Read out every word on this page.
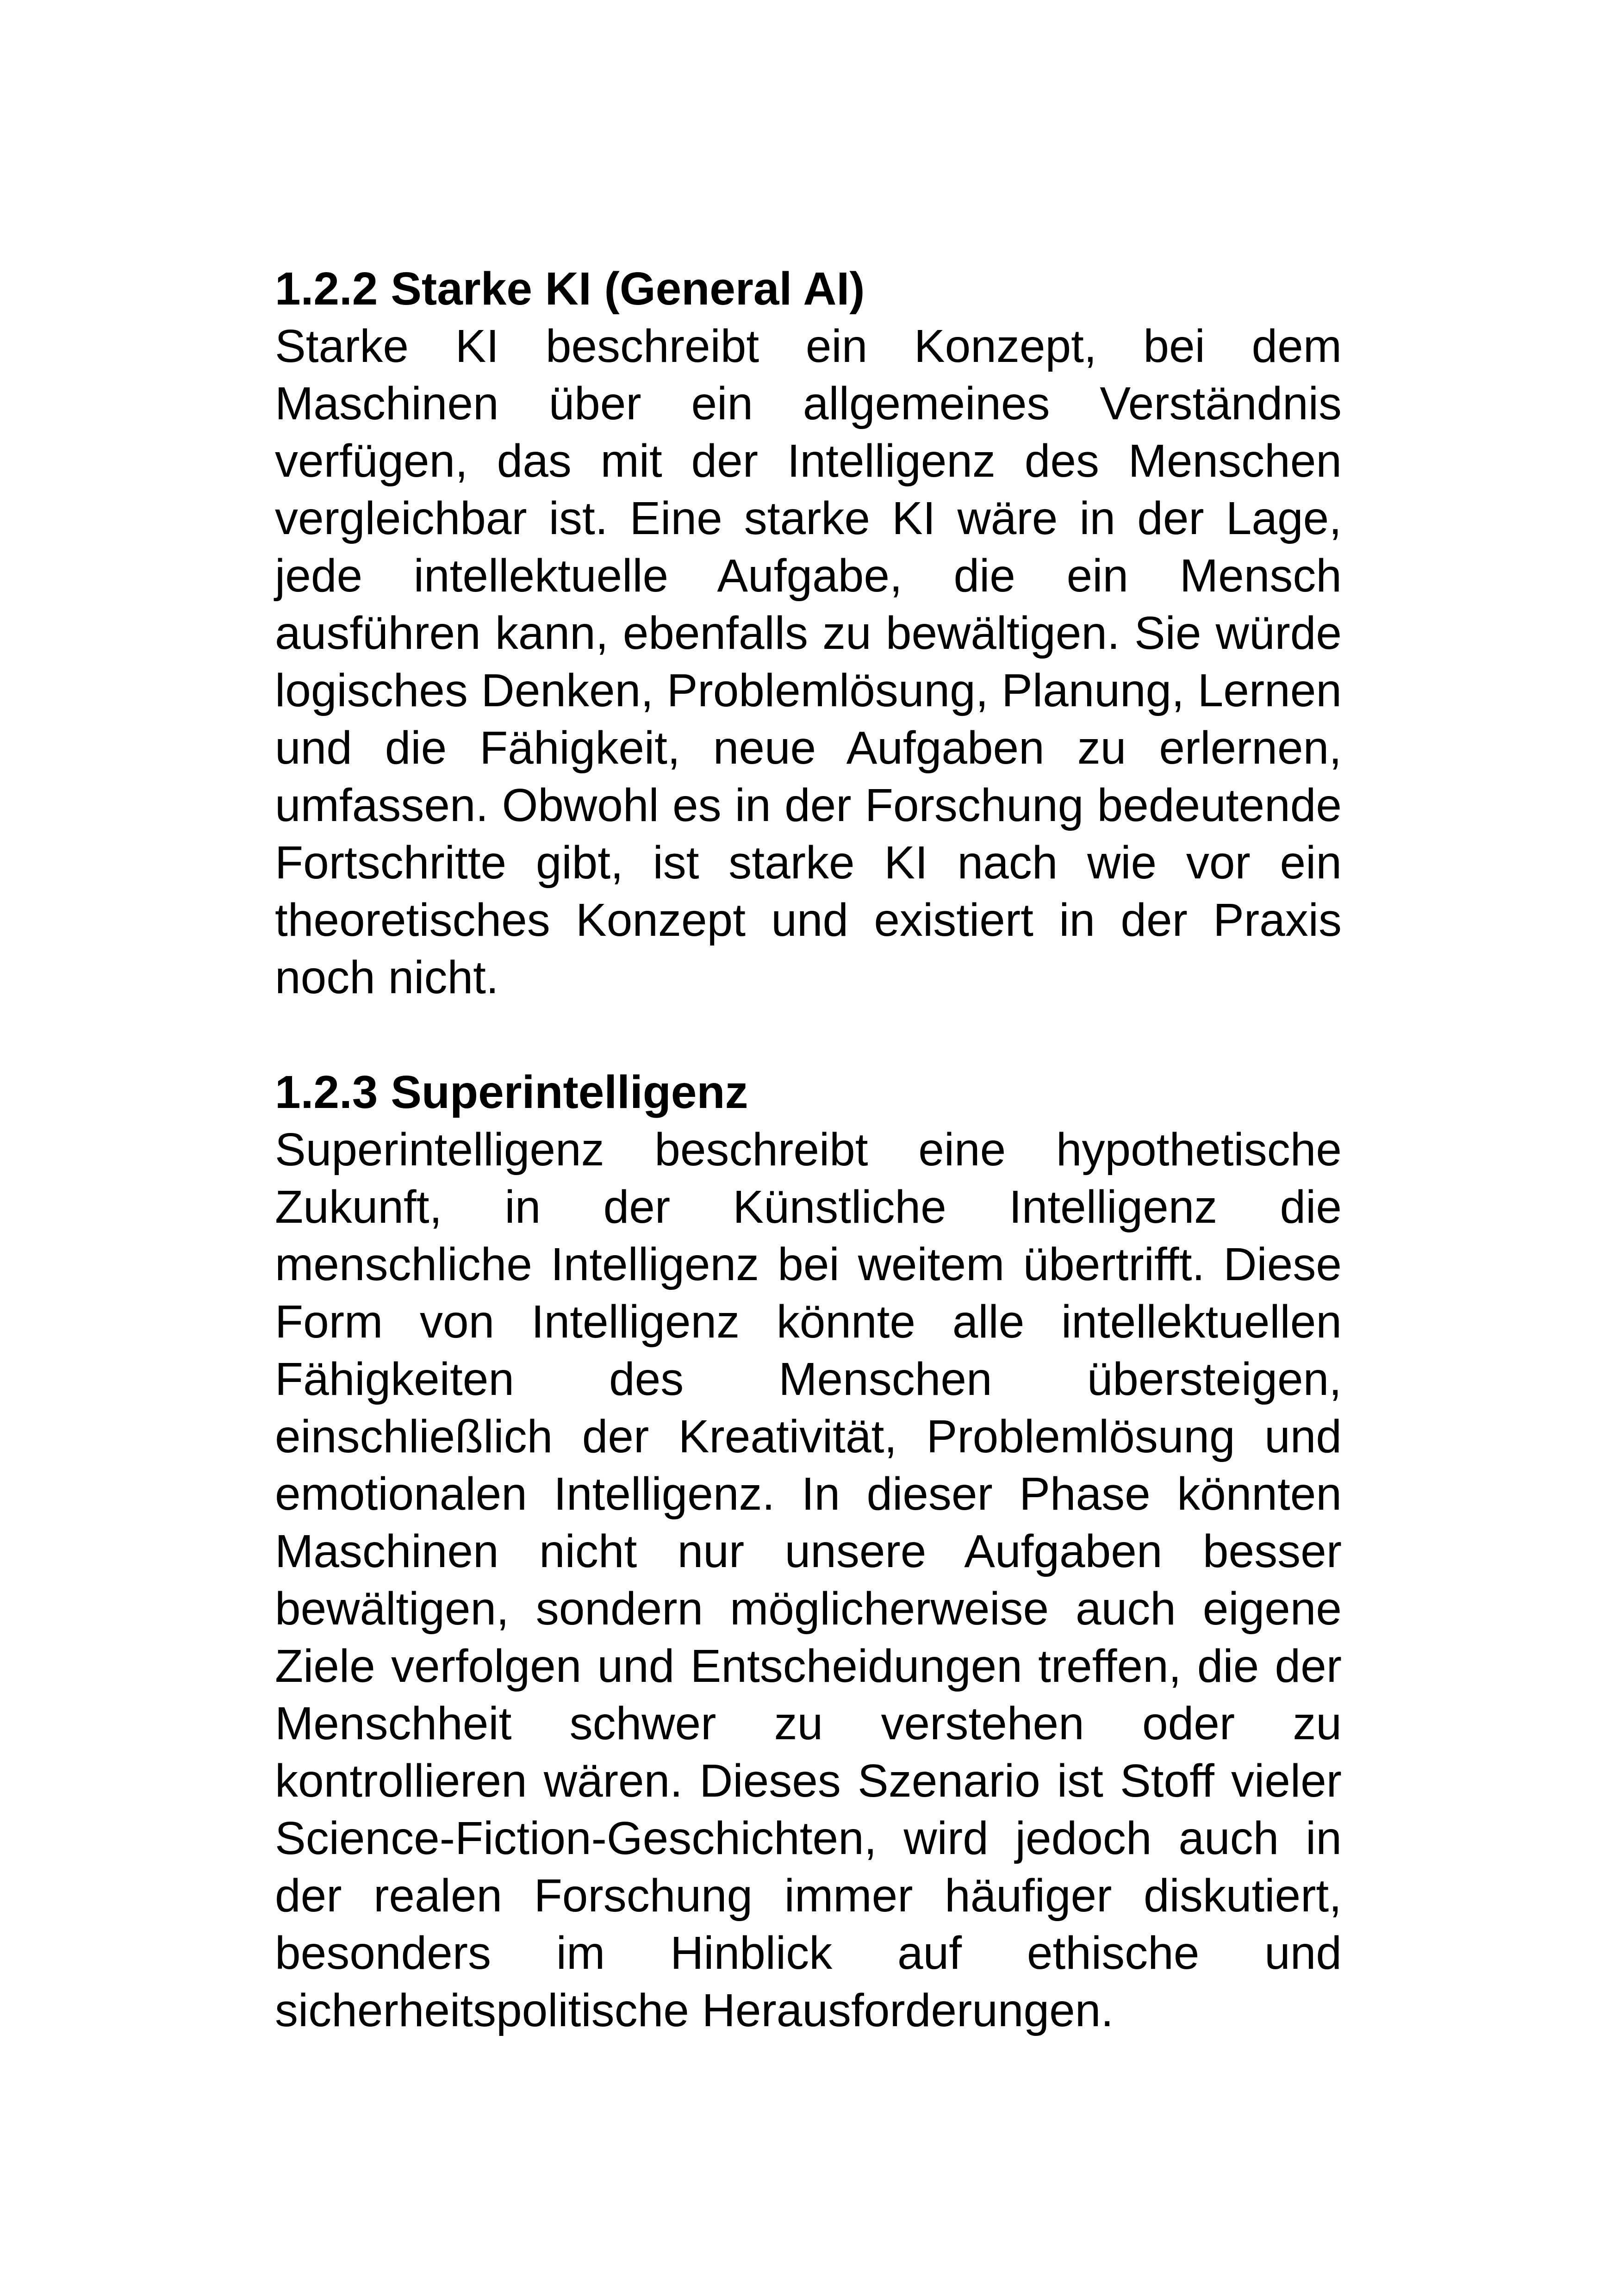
1.2.2 Starke KI (General AI)

Starke KI beschreibt ein Konzept, bei dem Maschinen über ein allgemeines Verständnis verfügen, das mit der Intelligenz des Menschen vergleichbar ist. Eine starke KI wäre in der Lage, jede intellektuelle Aufgabe, die ein Mensch ausführen kann, ebenfalls zu bewältigen. Sie würde logisches Denken, Problemlösung, Planung, Lernen und die Fähigkeit, neue Aufgaben zu erlernen, umfassen. Obwohl es in der Forschung bedeutende Fortschritte gibt, ist starke KI nach wie vor ein theoretisches Konzept und existiert in der Praxis noch nicht.

1.2.3 Superintelligenz

Superintelligenz beschreibt eine hypothetische Zukunft, in der Künstliche Intelligenz die menschliche Intelligenz bei weitem übertrifft. Diese Form von Intelligenz könnte alle intellektuellen Fähigkeiten des Menschen übersteigen, einschließlich der Kreativität, Problemlösung und emotionalen Intelligenz. In dieser Phase könnten Maschinen nicht nur unsere Aufgaben besser bewältigen, sondern möglicherweise auch eigene Ziele verfolgen und Entscheidungen treffen, die der Menschheit schwer zu verstehen oder zu kontrollieren wären. Dieses Szenario ist Stoff vieler Science-Fiction-Geschichten, wird jedoch auch in der realen Forschung immer häufiger diskutiert, besonders im Hinblick auf ethische und sicherheitspolitische Herausforderungen.
